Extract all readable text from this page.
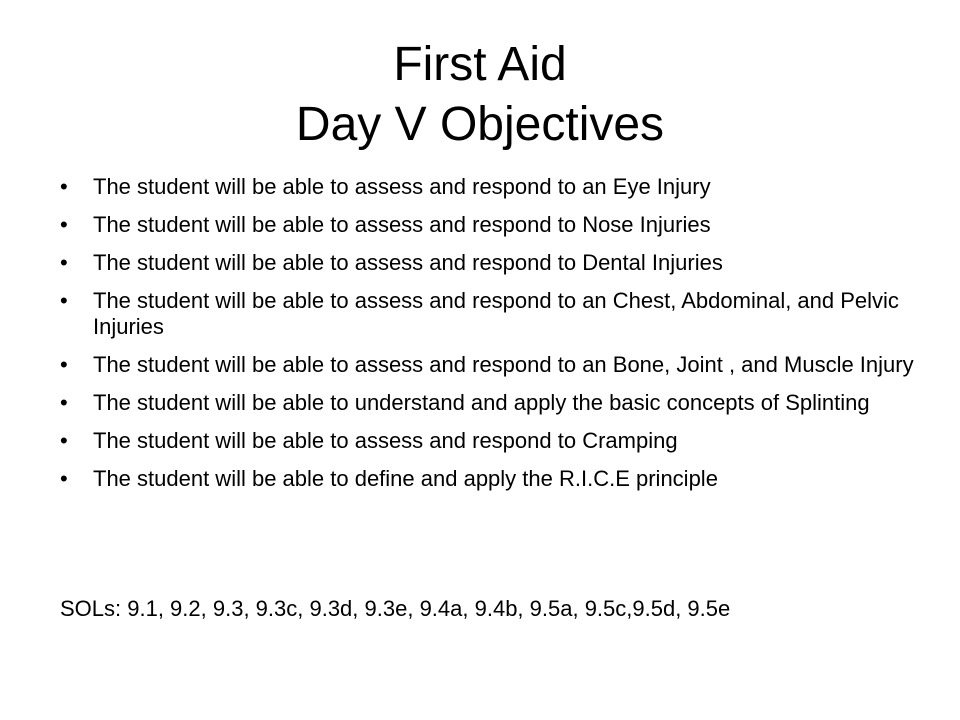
First Aid
Day V Objectives
•	The student will be able to assess and respond to an Eye Injury
•	The student will be able to assess and respond to Nose Injuries
•	The student will be able to assess and respond to Dental Injuries
•	The student will be able to assess and respond to an Chest, Abdominal, and Pelvic Injuries
•	The student will be able to assess and respond to an Bone, Joint , and Muscle Injury
•	The student will be able to understand and apply the basic concepts of Splinting
•	The student will be able to assess and respond to Cramping
•	The student will be able to define and apply the R.I.C.E principle

SOLs: 9.1, 9.2, 9.3, 9.3c, 9.3d, 9.3e, 9.4a, 9.4b, 9.5a, 9.5c,9.5d, 9.5e
